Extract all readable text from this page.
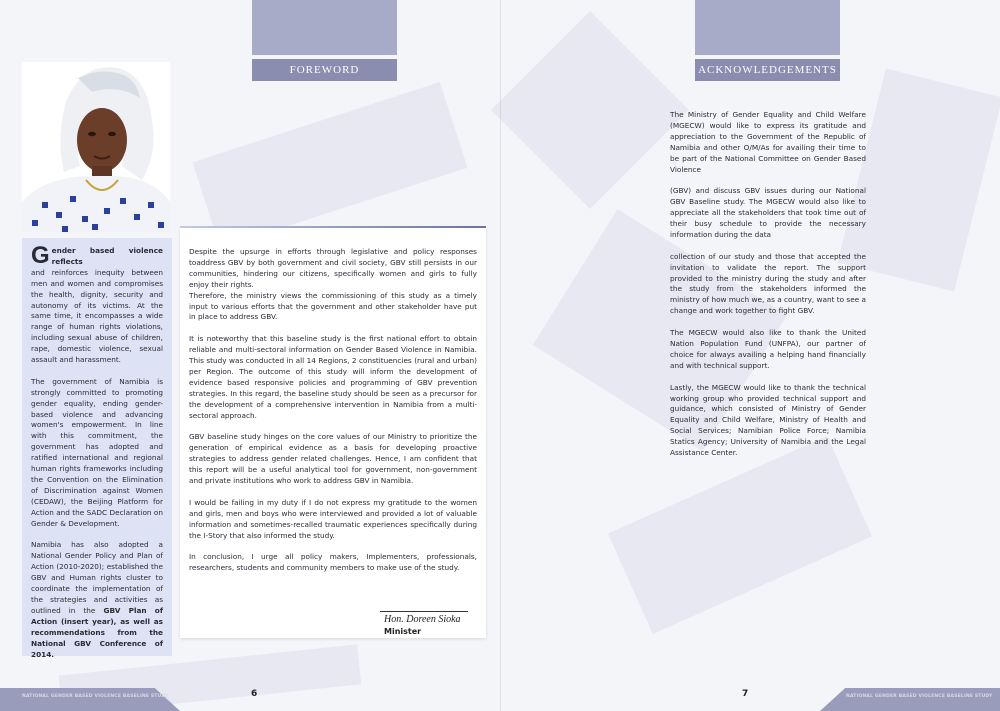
FOREWORD

Gender based violence reflects
and reinforces inequity between men and women and compromises the health, dignity, security and autonomy of its victims. At the same time, it encompasses a wide range of human rights violations, including sexual abuse of children, rape, domestic violence, sexual assault and harassment.

The government of Namibia is strongly committed to promoting gender equality, ending gender-based violence and advancing women's empowerment. In line with this commitment, the government has adopted and ratified international and regional human rights frameworks including the Convention on the Elimination of Discrimination against Women (CEDAW), the Beijing Platform for Action and the SADC Declaration on Gender & Development.

Namibia has also adopted a National Gender Policy and Plan of Action (2010-2020); established the GBV and Human rights cluster to coordinate the implementation of the strategies and activities as outlined in the GBV Plan of Action (insert year), as well as recommendations from the National GBV Conference of 2014.

Despite the upsurge in efforts through legislative and policy responses toaddress GBV by both government and civil society, GBV still persists in our communities, hindering our citizens, specifically women and girls to fully enjoy their rights.

Therefore, the ministry views the commissioning of this study as a timely input to various efforts that the government and other stakeholder have put in place to address GBV.

It is noteworthy that this baseline study is the first national effort to obtain reliable and multi-sectoral information on Gender Based Violence in Namibia. This study was conducted in all 14 Regions, 2 constituencies (rural and urban) per Region. The outcome of this study will inform the development of evidence based responsive policies and programming of GBV prevention strategies. In this regard, the baseline study should be seen as a precursor for the development of a comprehensive intervention in Namibia from a multi-sectoral approach.

GBV baseline study hinges on the core values of our Ministry to prioritize the generation of empirical evidence as a basis for developing proactive strategies to address gender related challenges. Hence, I am confident that this report will be a useful analytical tool for government, non-government and private institutions who work to address GBV in Namibia.

I would be failing in my duty if I do not express my gratitude to the women and girls, men and boys who were interviewed and provided a lot of valuable information and sometimes-recalled traumatic experiences specifically during the I-Story that also informed the study.

In conclusion, I urge all policy makers, Implementers, professionals, researchers, students and community members to make use of the study.

Hon. Doreen Sioka
Minister
NATIONAL GENDER BASED VIOLENCE BASELINE STUDY	6
ACKNOWLEDGEMENTS

The Ministry of Gender Equality and Child Welfare (MGECW) would like to express its gratitude and appreciation to the Government of the Republic of Namibia and other O/M/As for availing their time to be part of the National Committee on Gender Based Violence

(GBV) and discuss GBV issues during our National GBV Baseline study. The MGECW would also like to appreciate all the stakeholders that took time out of their busy schedule to provide the necessary information during the data

collection of our study and those that accepted the invitation to validate the report. The support provided to the ministry during the study and after the study from the stakeholders informed the ministry of how much we, as a country, want to see a change and work together to fight GBV.

The MGECW would also like to thank the United Nation Population Fund (UNFPA), our partner of choice for always availing a helping hand financially and with technical support.

Lastly, the MGECW would like to thank the technical working group who provided technical support and guidance, which consisted of Ministry of Gender Equality and Child Welfare, Ministry of Health and Social Services; Namibian Police Force; Namibia Statics Agency; University of Namibia and the Legal Assistance Center.

NATIONAL GENDER BASED VIOLENCE BASELINE STUDY
7
